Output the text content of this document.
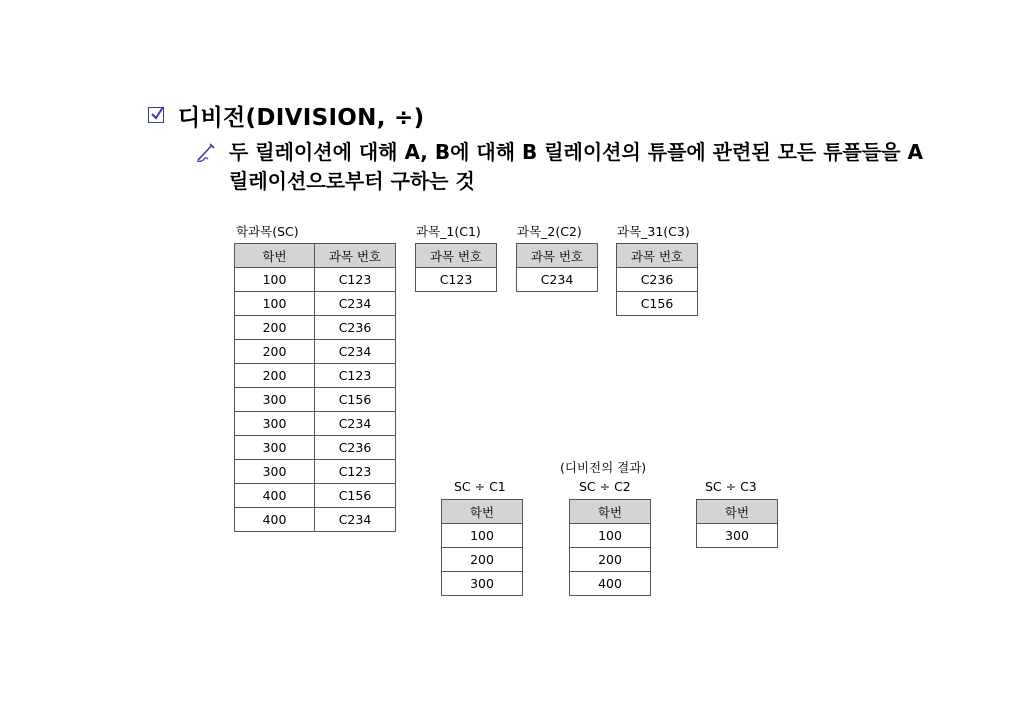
디비전(DIVISION, ÷)
두 릴레이션에 대해 A, B에 대해 B 릴레이션의 튜플에 관련된 모든 튜플들을 A 릴레이션으로부터 구하는 것
학과목(SC)
학번	과목 번호
100	C123
100	C234
200	C236
200	C234
200	C123
300	C156
300	C234
300	C236
300	C123
400	C156
400	C234
과목_1(C1)
과목 번호
C123
과목_2(C2)
과목 번호
C234
과목_31(C3)
과목 번호
C236
C156
(디비전의 결과)
SC ÷ C1
학번
100
200
300
SC ÷ C2
학번
100
200
400
SC ÷ C3
학번
300
